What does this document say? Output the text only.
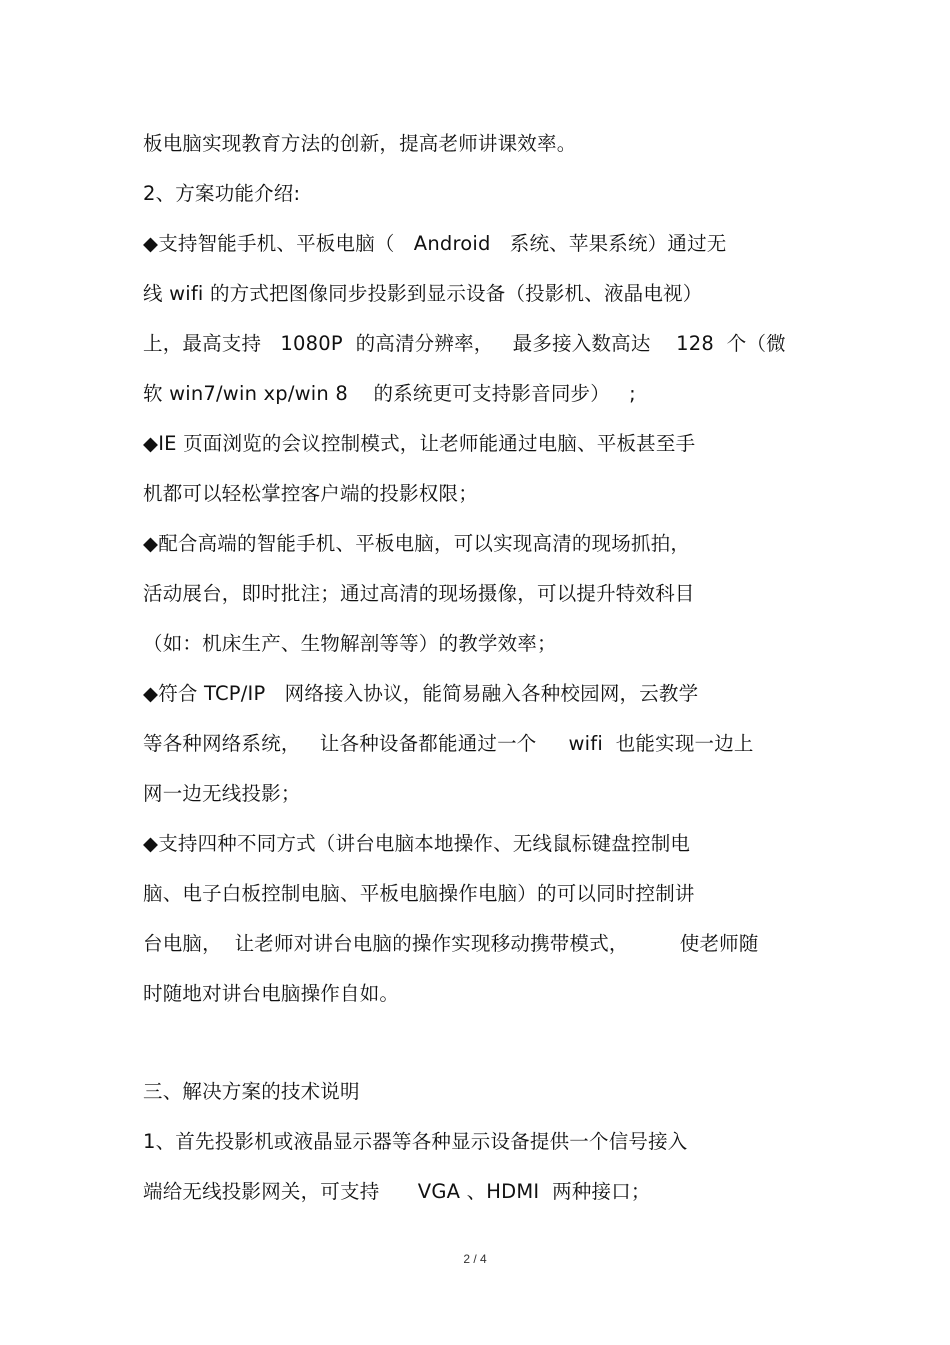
板电脑实现教育方法的创新，提高老师讲课效率。
2、方案功能介绍:
◆支持智能手机、平板电脑（   Android   系统、苹果系统）通过无
线 wifi 的方式把图像同步投影到显示设备（投影机、液晶电视）
上，最高支持   1080P  的高清分辨率，   最多接入数高达    128  个（微
软 win7/win xp/win 8    的系统更可支持影音同步）   ;
◆IE 页面浏览的会议控制模式，让老师能通过电脑、平板甚至手
机都可以轻松掌控客户端的投影权限；
◆配合高端的智能手机、平板电脑，可以实现高清的现场抓拍，
活动展台，即时批注；通过高清的现场摄像，可以提升特效科目
（如：机床生产、生物解剖等等）的教学效率；
◆符合 TCP/IP   网络接入协议，能简易融入各种校园网，云教学
等各种网络系统，   让各种设备都能通过一个     wifi  也能实现一边上
网一边无线投影；
◆支持四种不同方式（讲台电脑本地操作、无线鼠标键盘控制电
脑、电子白板控制电脑、平板电脑操作电脑）的可以同时控制讲
台电脑，  让老师对讲台电脑的操作实现移动携带模式，        使老师随
时随地对讲台电脑操作自如。
三、解决方案的技术说明
1、首先投影机或液晶显示器等各种显示设备提供一个信号接入
端给无线投影网关，可支持      VGA 、HDMI  两种接口；
2 / 4
